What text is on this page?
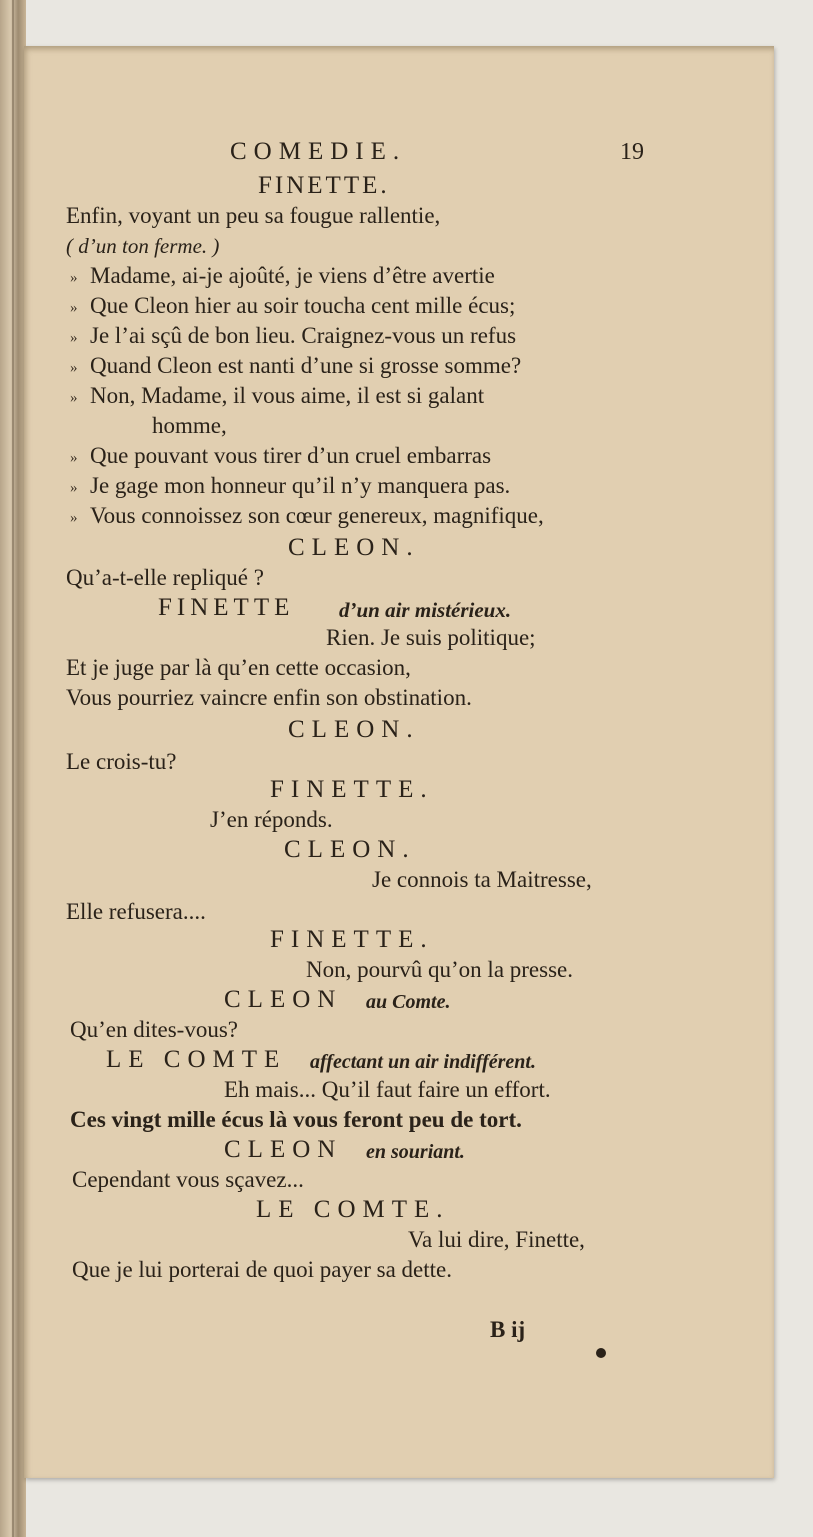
COMEDIE.	19
FINETTE.
Enfin, voyant un peu sa fougue rallentie,
( d’un ton ferme. )
» Madame, ai-je ajoûté, je viens d’être avertie
» Que Cleon hier au soir toucha cent mille écus;
» Je l’ai sçû de bon lieu. Craignez-vous un refus
» Quand Cleon est nanti d’une si grosse somme?
» Non, Madame, il vous aime, il est si galant
homme,
» Que pouvant vous tirer d’un cruel embarras
» Je gage mon honneur qu’il n’y manquera pas.
» Vous connoissez son cœur genereux, magnifique,
CLEON.
Qu’a-t-elle repliqué ?
FINETTE d’un air mistérieux.
Rien. Je suis politique;
Et je juge par là qu’en cette occasion,
Vous pourriez vaincre enfin son obstination.
CLEON.
Le crois-tu?
FINETTE.
J’en réponds.
CLEON.
Je connois ta Maitresse,
Elle refusera....
FINETTE.
Non, pourvû qu’on la presse.
CLEON au Comte.
Qu’en dites-vous?
LE COMTE affectant un air indifférent.
Eh mais... Qu’il faut faire un effort.
Ces vingt mille écus là vous feront peu de tort.
CLEON en souriant.
Cependant vous sçavez...
LE COMTE.
Va lui dire, Finette,
Que je lui porterai de quoi payer sa dette.
B ij
